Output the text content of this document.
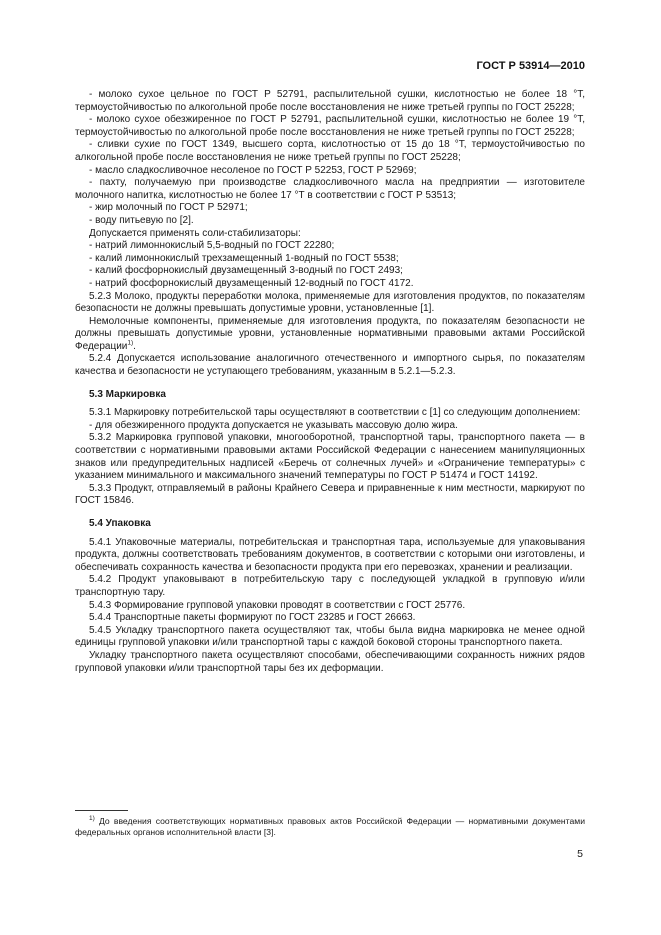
ГОСТ Р 53914—2010

- молоко сухое цельное по ГОСТ Р 52791, распылительной сушки, кислотностью не более 18 °Т, термоустойчивостью по алкогольной пробе после восстановления не ниже третьей группы по ГОСТ 25228;

- молоко сухое обезжиренное по ГОСТ Р 52791, распылительной сушки, кислотностью не более 19 °Т, термоустойчивостью по алкогольной пробе после восстановления не ниже третьей группы по ГОСТ 25228;

- сливки сухие по ГОСТ 1349, высшего сорта, кислотностью от 15 до 18 °Т, термоустойчивостью по алкогольной пробе после восстановления не ниже третьей группы по ГОСТ 25228;

- масло сладкосливочное несоленое по ГОСТ Р 52253, ГОСТ Р 52969;

- пахту, получаемую при производстве сладкосливочного масла на предприятии — изготовителе молочного напитка, кислотностью не более 17 °Т в соответствии с ГОСТ Р 53513;

- жир молочный по ГОСТ Р 52971;

- воду питьевую по [2].

Допускается применять соли-стабилизаторы:

- натрий лимоннокислый 5,5-водный по ГОСТ 22280;

- калий лимоннокислый трехзамещенный 1-водный по ГОСТ 5538;

- калий фосфорнокислый двузамещенный 3-водный по ГОСТ 2493;

- натрий фосфорнокислый двузамещенный 12-водный по ГОСТ 4172.

5.2.3 Молоко, продукты переработки молока, применяемые для изготовления продуктов, по показателям безопасности не должны превышать допустимые уровни, установленные [1].

Немолочные компоненты, применяемые для изготовления продукта, по показателям безопасности не должны превышать допустимые уровни, установленные нормативными правовыми актами Российской Федерации$^{1)}$.

5.2.4 Допускается использование аналогичного отечественного и импортного сырья, по показателям качества и безопасности не уступающего требованиям, указанным в 5.2.1—5.2.3.

5.3 Маркировка

5.3.1 Маркировку потребительской тары осуществляют в соответствии с [1] со следующим дополнением:

- для обезжиренного продукта допускается не указывать массовую долю жира.

5.3.2 Маркировка групповой упаковки, многооборотной, транспортной тары, транспортного пакета — в соответствии с нормативными правовыми актами Российской Федерации с нанесением манипуляционных знаков или предупредительных надписей «Беречь от солнечных лучей» и «Ограничение температуры» с указанием минимального и максимального значений температуры по ГОСТ Р 51474 и ГОСТ 14192.

5.3.3 Продукт, отправляемый в районы Крайнего Севера и приравненные к ним местности, маркируют по ГОСТ 15846.

5.4 Упаковка

5.4.1 Упаковочные материалы, потребительская и транспортная тара, используемые для упаковывания продукта, должны соответствовать требованиям документов, в соответствии с которыми они изготовлены, и обеспечивать сохранность качества и безопасности продукта при его перевозках, хранении и реализации.

5.4.2 Продукт упаковывают в потребительскую тару с последующей укладкой в групповую и/или транспортную тару.

5.4.3 Формирование групповой упаковки проводят в соответствии с ГОСТ 25776.

5.4.4 Транспортные пакеты формируют по ГОСТ 23285 и ГОСТ 26663.

5.4.5 Укладку транспортного пакета осуществляют так, чтобы была видна маркировка не менее одной единицы групповой упаковки и/или транспортной тары с каждой боковой стороны транспортного пакета.

Укладку транспортного пакета осуществляют способами, обеспечивающими сохранность нижних рядов групповой упаковки и/или транспортной тары без их деформации.

$^{1)}$ До введения соответствующих нормативных правовых актов Российской Федерации — нормативными документами федеральных органов исполнительной власти [3].
5
